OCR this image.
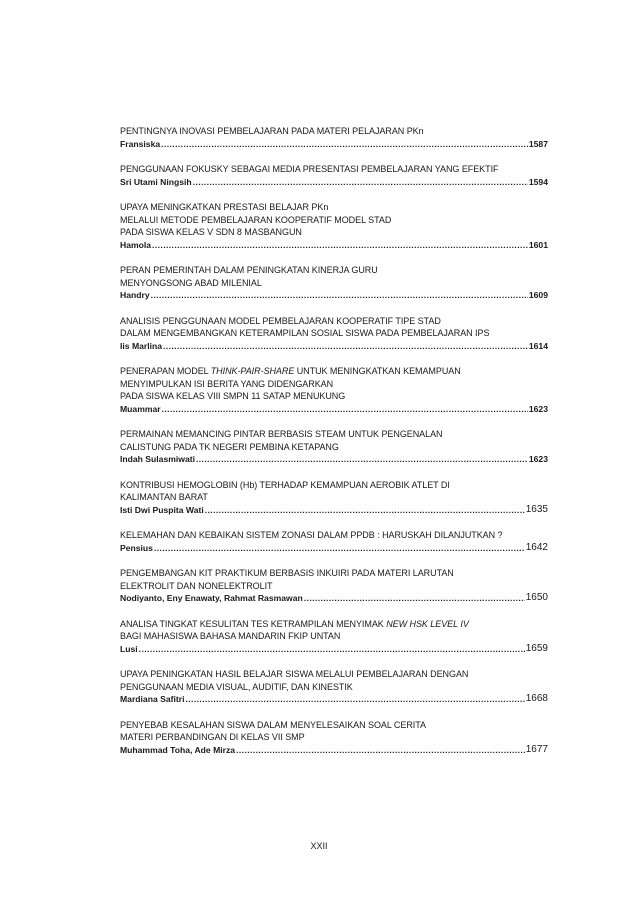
PENTINGNYA INOVASI PEMBELAJARAN PADA MATERI PELAJARAN PKn
Fransiska .....	1587
PENGGUNAAN FOKUSKY SEBAGAI MEDIA PRESENTASI PEMBELAJARAN YANG EFEKTIF
Sri Utami Ningsih .....	1594
UPAYA MENINGKATKAN PRESTASI BELAJAR PKn
MELALUI METODE PEMBELAJARAN KOOPERATIF MODEL STAD
PADA SISWA KELAS V SDN 8 MASBANGUN
Hamola .....	1601
PERAN PEMERINTAH DALAM PENINGKATAN KINERJA GURU
MENYONGSONG ABAD MILENIAL
Handry .....	1609
ANALISIS PENGGUNAAN MODEL PEMBELAJARAN KOOPERATIF TIPE STAD
DALAM MENGEMBANGKAN KETERAMPILAN SOSIAL SISWA PADA PEMBELAJARAN IPS
Iis Marlina .....	1614
PENERAPAN MODEL THINK-PAIR-SHARE UNTUK MENINGKATKAN KEMAMPUAN
MENYIMPULKAN ISI BERITA YANG DIDENGARKAN
PADA SISWA KELAS VIII SMPN 11 SATAP MENUKUNG
Muammar .....	1623
PERMAINAN MEMANCING PINTAR BERBASIS STEAM UNTUK PENGENALAN
CALISTUNG PADA TK NEGERI PEMBINA KETAPANG
Indah Sulasmiwati .....	1623
KONTRIBUSI HEMOGLOBIN (Hb) TERHADAP KEMAMPUAN AEROBIK ATLET DI
KALIMANTAN BARAT
Isti Dwi Puspita Wati .....	1635
KELEMAHAN DAN KEBAIKAN SISTEM ZONASI DALAM PPDB : HARUSKAH DILANJUTKAN ?
Pensius .....	1642
PENGEMBANGAN KIT PRAKTIKUM BERBASIS INKUIRI PADA MATERI LARUTAN
ELEKTROLIT DAN NONELEKTROLIT
Nodiyanto, Eny Enawaty, Rahmat Rasmawan .....	1650
ANALISA TINGKAT KESULITAN TES KETRAMPILAN MENYIMAK NEW HSK LEVEL IV
BAGI MAHASISWA BAHASA MANDARIN FKIP UNTAN
Lusi .....	1659
UPAYA PENINGKATAN HASIL BELAJAR SISWA MELALUI PEMBELAJARAN DENGAN
PENGGUNAAN MEDIA VISUAL, AUDITIF, DAN KINESTIK
Mardiana Safitri .....	1668
PENYEBAB KESALAHAN SISWA DALAM MENYELESAIKAN SOAL CERITA
MATERI PERBANDINGAN DI KELAS VII SMP
Muhammad Toha, Ade Mirza .....	1677
XXII
